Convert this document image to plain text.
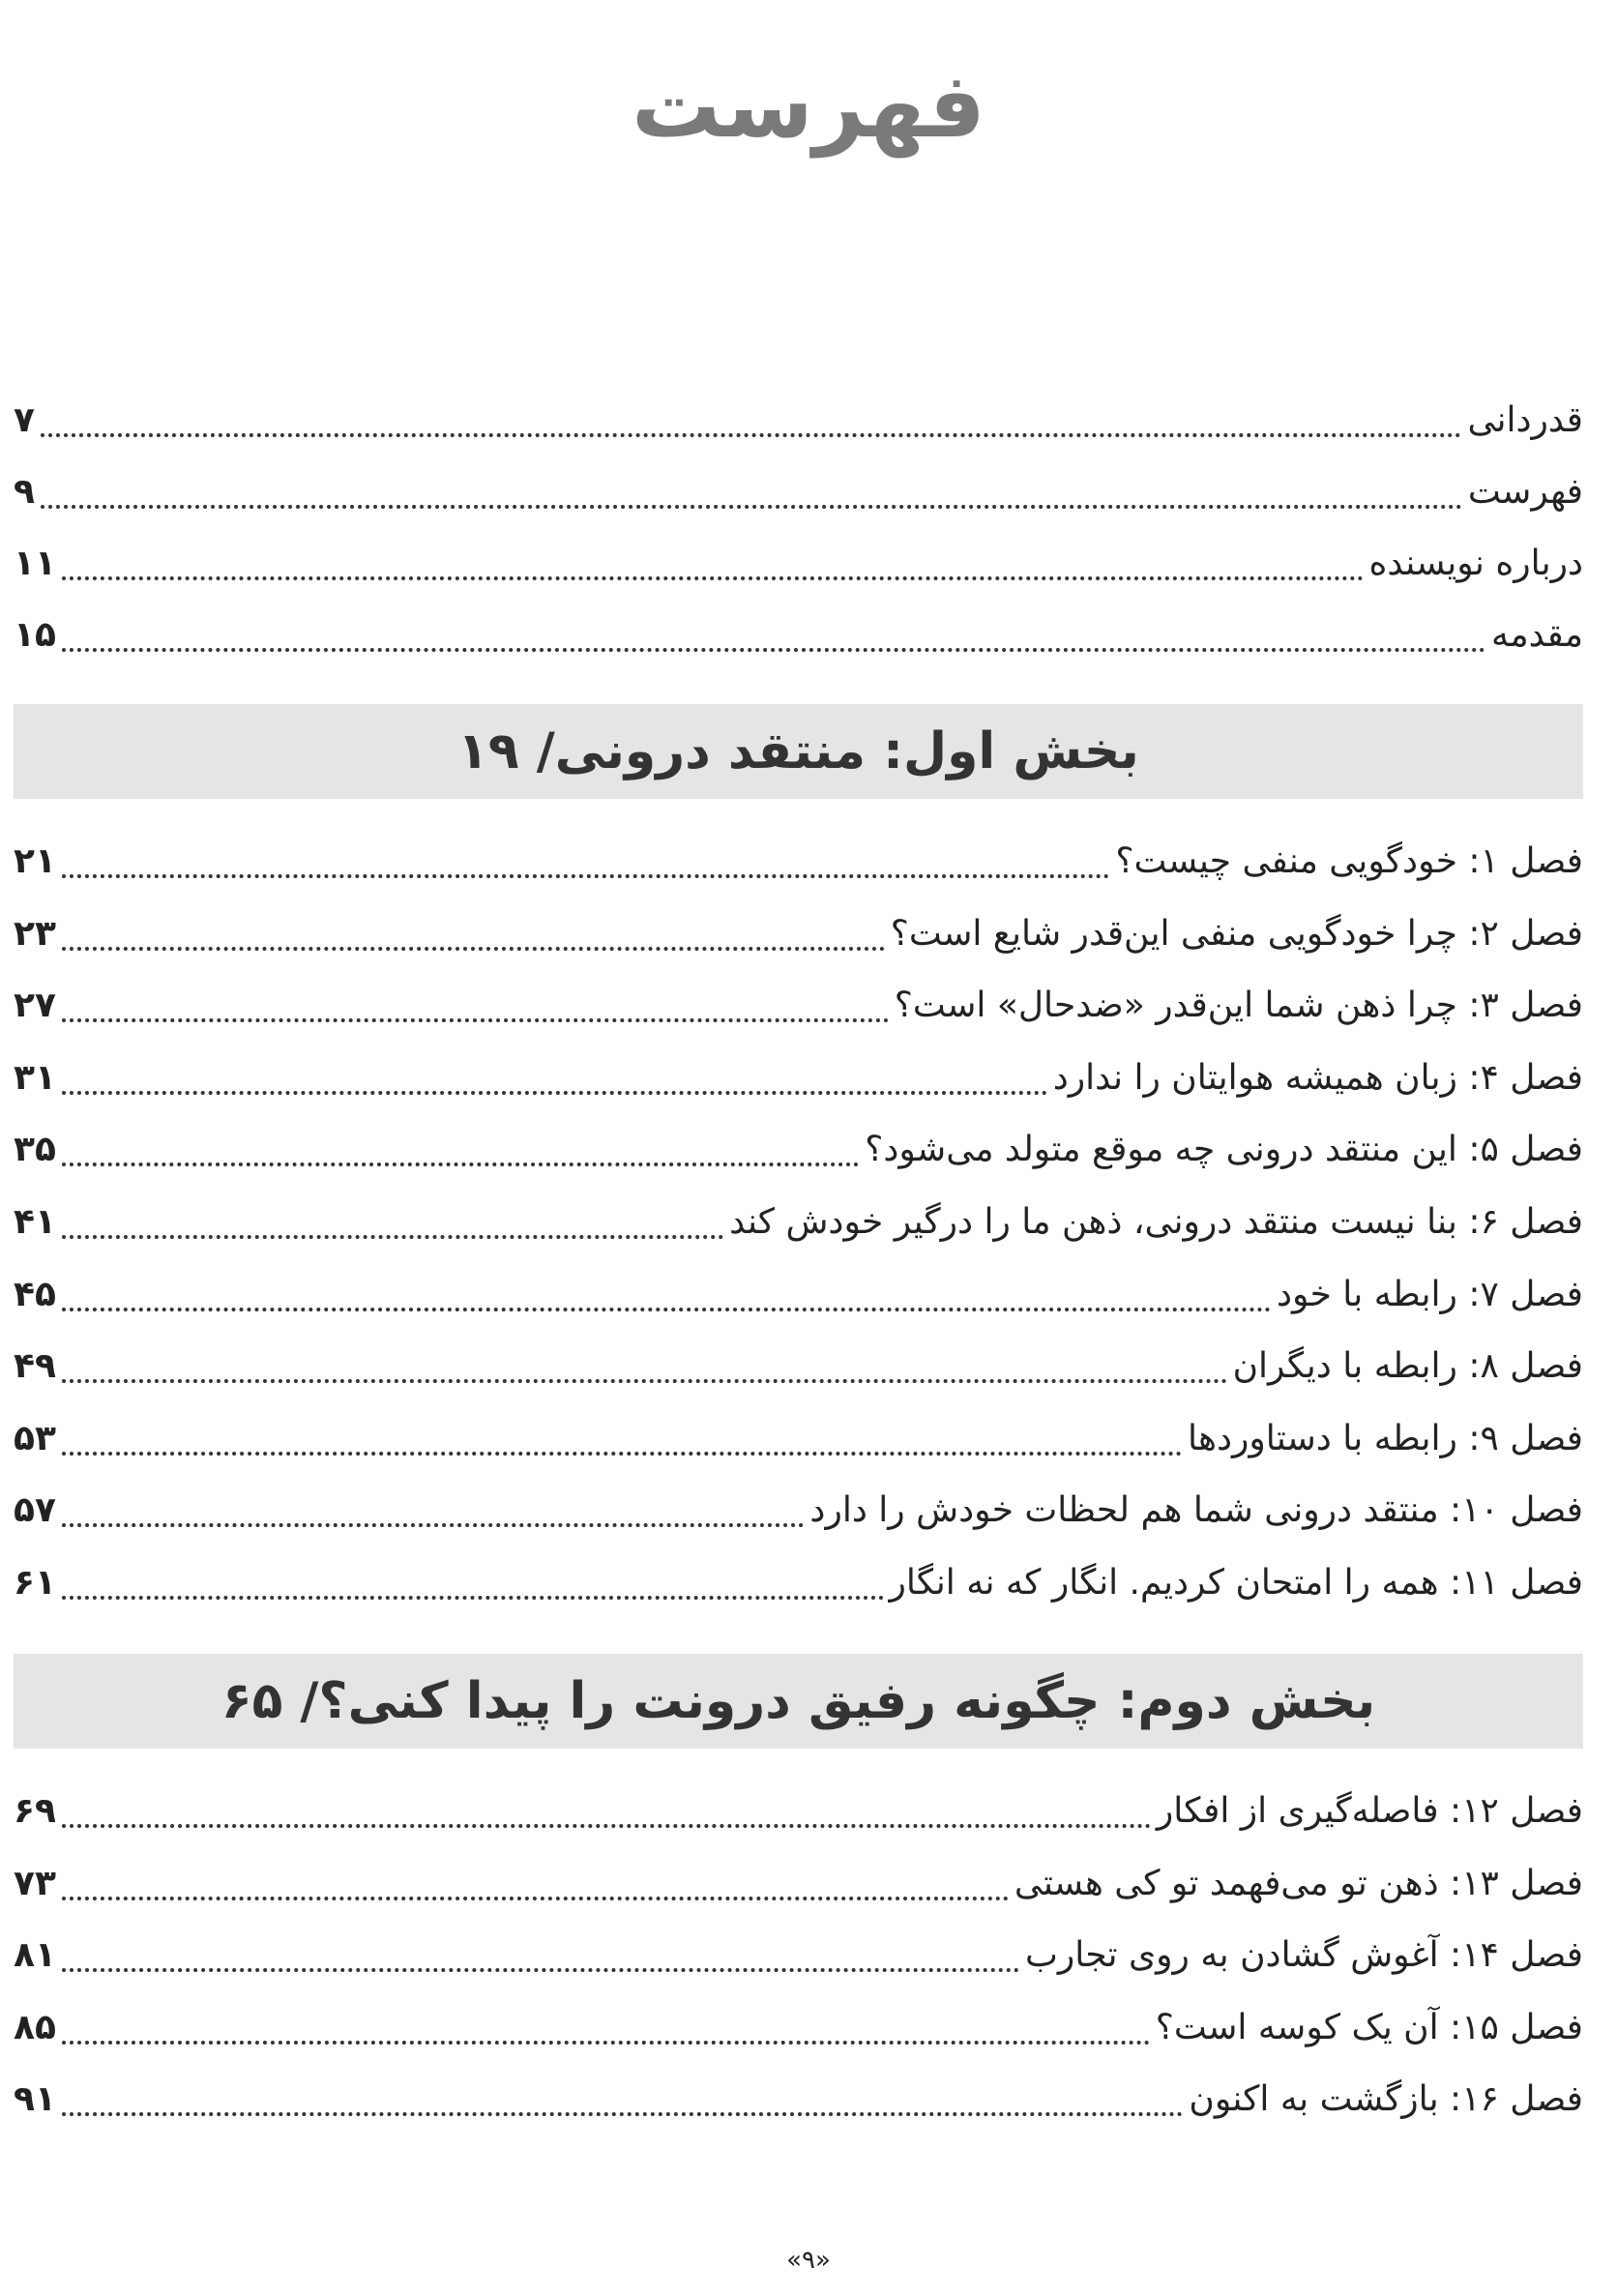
فهرست
قدردانی
۷
فهرست
۹
درباره نویسنده
۱۱
مقدمه
۱۵
بخش اول: منتقد درونی/ ۱۹
فصل ۱: خودگویی منفی چیست؟
۲۱
فصل ۲: چرا خودگویی منفی این‌قدر شایع است؟
۲۳
فصل ۳: چرا ذهن شما این‌قدر «ضدحال» است؟
۲۷
فصل ۴: زبان همیشه هوایتان را ندارد
۳۱
فصل ۵: این منتقد درونی چه موقع متولد می‌شود؟
۳۵
فصل ۶: بنا نیست منتقد درونی، ذهن ما را درگیر خودش کند
۴۱
فصل ۷: رابطه با خود
۴۵
فصل ۸: رابطه با دیگران
۴۹
فصل ۹: رابطه با دستاوردها
۵۳
فصل ۱۰: منتقد درونی شما هم لحظات خودش را دارد
۵۷
فصل ۱۱: همه را امتحان کردیم. انگار که نه انگار
۶۱
بخش دوم: چگونه رفیق درونت را پیدا کنی؟/ ۶۵
فصل ۱۲: فاصله‌گیری از افکار
۶۹
فصل ۱۳: ذهن تو می‌فهمد تو کی هستی
۷۳
فصل ۱۴: آغوش گشادن به روی تجارب
۸۱
فصل ۱۵: آن یک کوسه است؟
۸۵
فصل ۱۶: بازگشت به اکنون
۹۱
«۹»
